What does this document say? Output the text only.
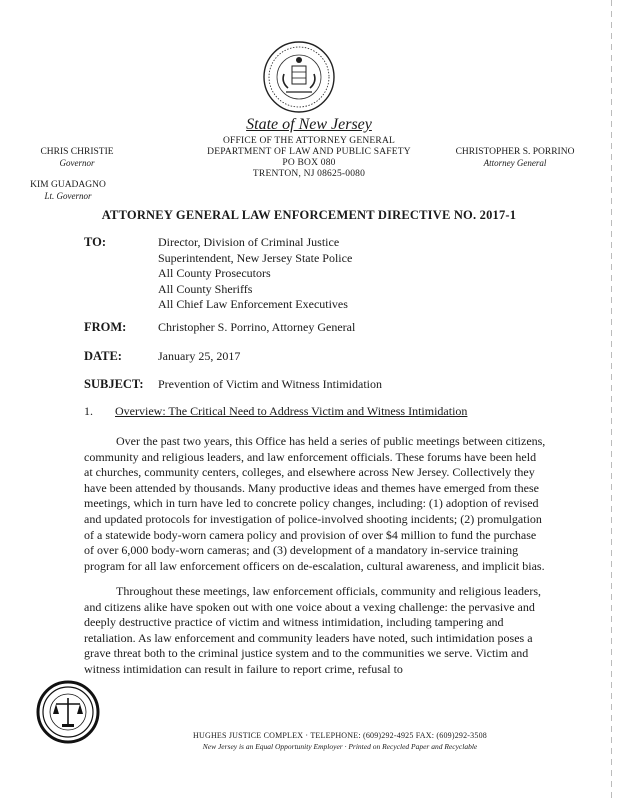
State of New Jersey
OFFICE OF THE ATTORNEY GENERAL
DEPARTMENT OF LAW AND PUBLIC SAFETY
PO BOX 080
TRENTON, NJ 08625-0080
CHRIS CHRISTIE
Governor
KIM GUADAGNO
Lt. Governor
CHRISTOPHER S. PORRINO
Attorney General
ATTORNEY GENERAL LAW ENFORCEMENT DIRECTIVE NO. 2017-1
TO:	Director, Division of Criminal Justice
Superintendent, New Jersey State Police
All County Prosecutors
All County Sheriffs
All Chief Law Enforcement Executives
FROM:	Christopher S. Porrino, Attorney General
DATE:	January 25, 2017
SUBJECT: Prevention of Victim and Witness Intimidation
1. Overview: The Critical Need to Address Victim and Witness Intimidation

Over the past two years, this Office has held a series of public meetings between citizens, community and religious leaders, and law enforcement officials. These forums have been held at churches, community centers, colleges, and elsewhere across New Jersey. Collectively they have been attended by thousands. Many productive ideas and themes have emerged from these meetings, which in turn have led to concrete policy changes, including: (1) adoption of revised and updated protocols for investigation of police-involved shooting incidents; (2) promulgation of a statewide body-worn camera policy and provision of over $4 million to fund the purchase of over 6,000 body-worn cameras; and (3) development of a mandatory in-service training program for all law enforcement officers on de-escalation, cultural awareness, and implicit bias.

Throughout these meetings, law enforcement officials, community and religious leaders, and citizens alike have spoken out with one voice about a vexing challenge: the pervasive and deeply destructive practice of victim and witness intimidation, including tampering and retaliation. As law enforcement and community leaders have noted, such intimidation poses a grave threat both to the criminal justice system and to the communities we serve. Victim and witness intimidation can result in failure to report crime, refusal to

HUGHES JUSTICE COMPLEX · TELEPHONE: (609)292-4925 FAX: (609)292-3508
New Jersey is an Equal Opportunity Employer · Printed on Recycled Paper and Recyclable
